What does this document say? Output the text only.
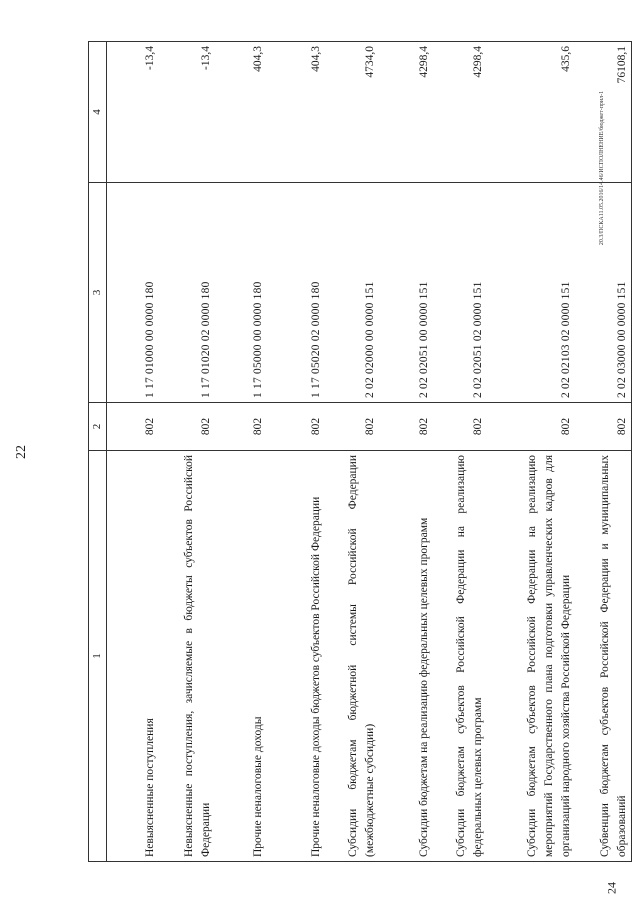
22
20.3/ПСКА11.05.2016/14.46/ИСПОЛНЕНИЕ/бюджет-прил-1
24
1	2	3	4
Невыясненные поступления	802	1 17 01000 00 0000 180	-13,4
Невыясненные поступления, зачисляемые в бюджеты субъектов Российской Федерации	802	1 17 01020 02 0000 180	-13,4
Прочие неналоговые доходы	802	1 17 05000 00 0000 180	404,3
Прочие неналоговые доходы бюджетов субъектов Российской Федерации	802	1 17 05020 02 0000 180	404,3
Субсидии бюджетам бюджетной системы Российской Федерации (межбюджетные субсидии)	802	2 02 02000 00 0000 151	4734,0
Субсидии бюджетам на реализацию федеральных целевых программ	802	2 02 02051 00 0000 151	4298,4
Субсидии бюджетам субъектов Российской Федерации на реализацию федеральных целевых программ	802	2 02 02051 02 0000 151	4298,4
Субсидии бюджетам субъектов Российской Федерации на реализацию мероприятий Государственного плана подготовки управленческих кадров для организаций народного хозяйства Российской Федерации	802	2 02 02103 02 0000 151	435,6
Субвенции бюджетам субъектов Российской Федерации и муниципальных образований	802	2 02 03000 00 0000 151	76108,1
